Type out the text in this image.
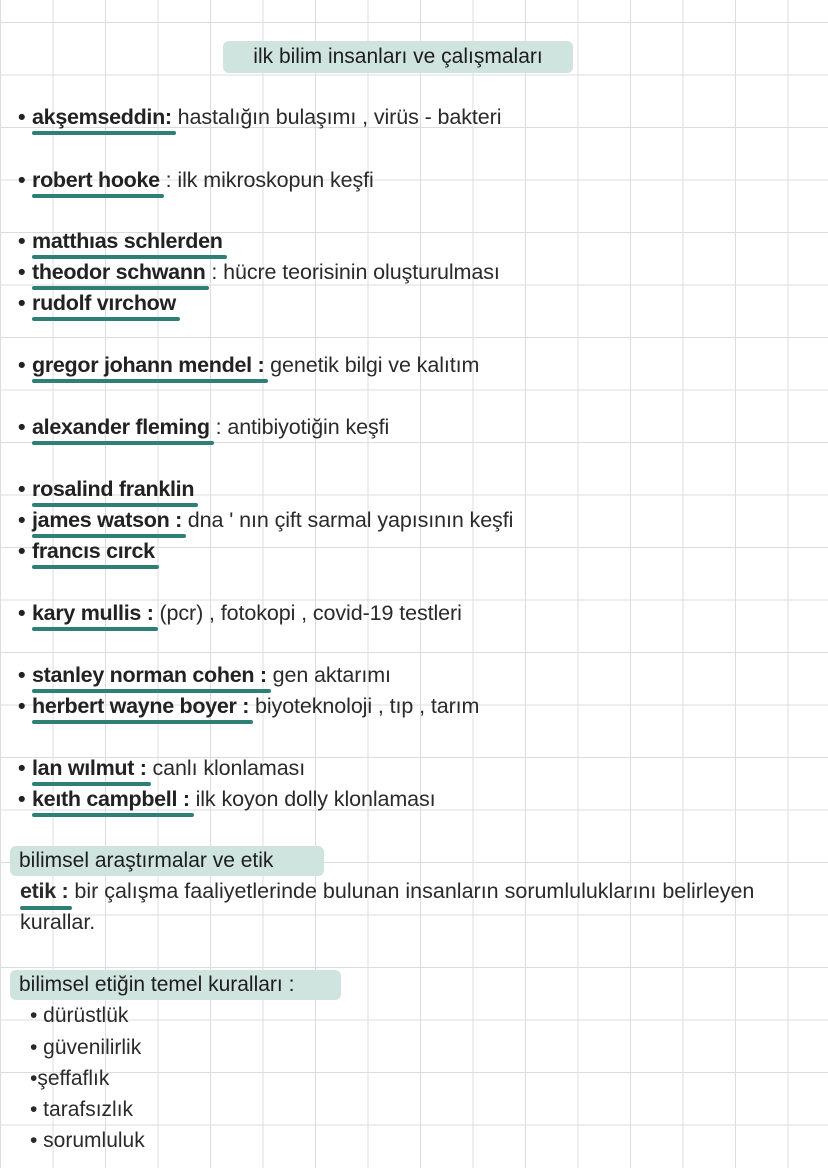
ilk bilim insanları ve çalışmaları
• akşemseddin: hastalığın bulaşımı , virüs - bakteri
• robert hooke : ilk mikroskopun keşfi
• matthıas schlerden
• theodor schwann : hücre teorisinin oluşturulması
• rudolf vırchow
• gregor johann mendel : genetik bilgi ve kalıtım
• alexander fleming : antibiyotiğin keşfi
• rosalind franklin
• james watson : dna ' nın çift sarmal yapısının keşfi
• francıs cırck
• kary mullis : (pcr) , fotokopi , covid-19 testleri
• stanley norman cohen : gen aktarımı
• herbert wayne boyer : biyoteknoloji , tıp , tarım
• lan wılmut : canlı klonlaması
• keıth campbell : ilk koyon dolly klonlaması
bilimsel araştırmalar ve etik
etik : bir çalışma faaliyetlerinde bulunan insanların sorumluluklarını belirleyen
kurallar.
bilimsel etiğin temel kuralları :
• dürüstlük
• güvenilirlik
•şeffaflık
• tarafsızlık
• sorumluluk
